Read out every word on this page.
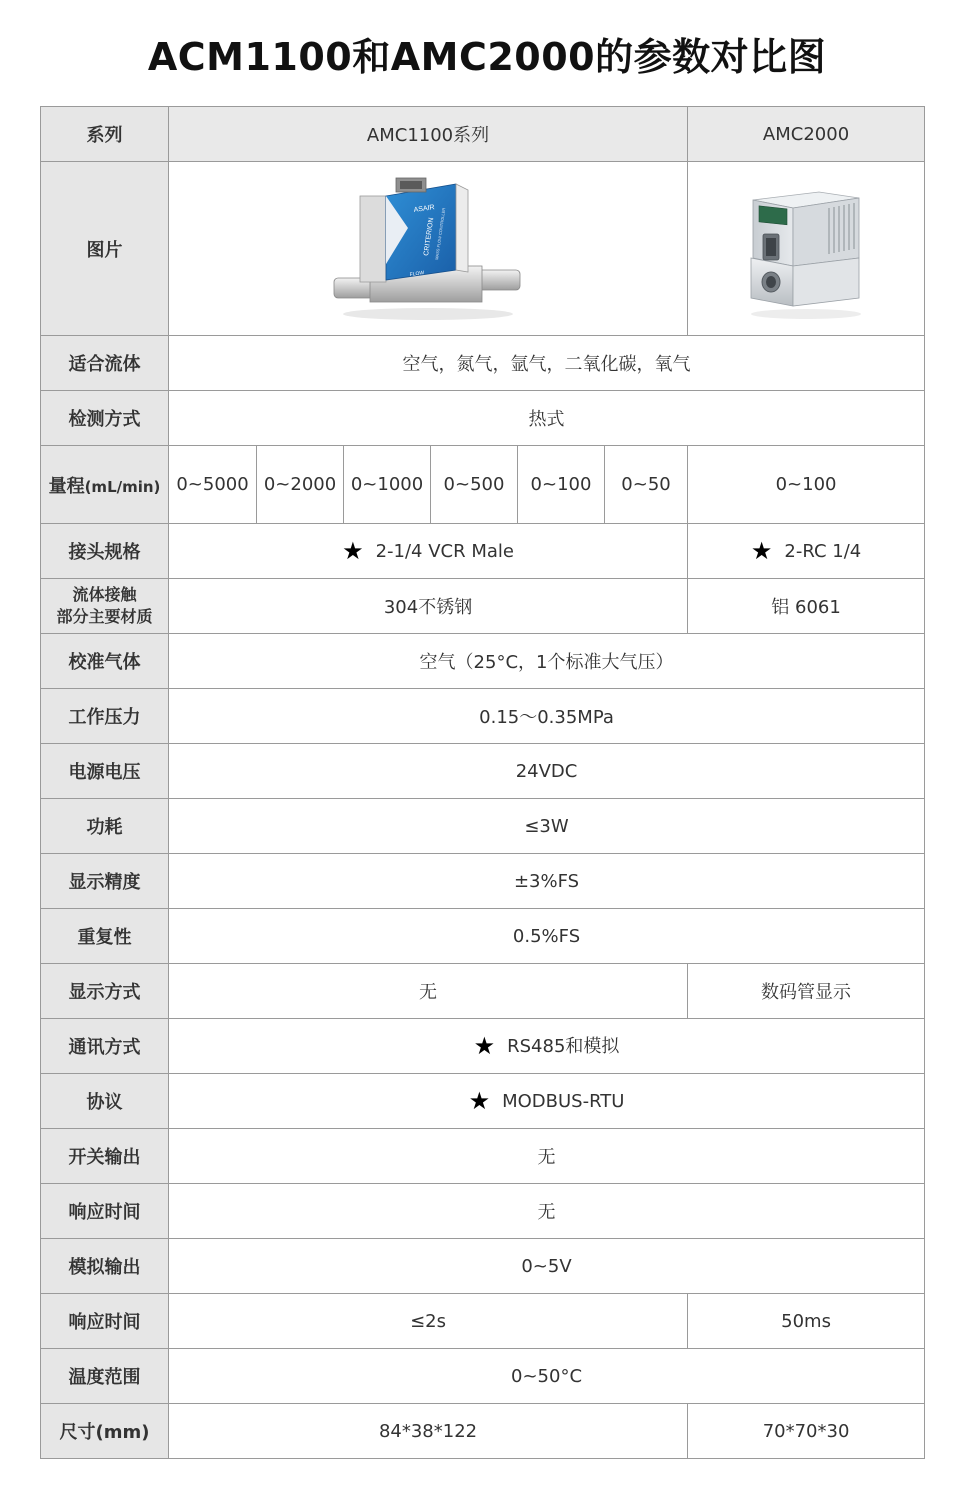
ACM1100和AMC2000的参数对比图
系列	AMC1100系列						AMC2000
图片	ASAIR
CRITERION
MASS FLOW CONTROLLER
FLOW

适合流体	空气，氮气，氩气，二氧化碳，氧气						
检测方式	热式						
量程(mL/min)	0~5000	0~2000	0~1000	0~500	0~100	0~50	0~100
接头规格	★ 2-1/4 VCR Male						★ 2-RC 1/4

流体接触
部分主要材质	304不锈钢						铝 6061
校准气体	空气（25°C，1个标准大气压）						
工作压力	0.15～0.35MPa						
电源电压	24VDC						
功耗	≤3W						
显示精度	±3%FS						
重复性	0.5%FS						
显示方式	无						数码管显示
通讯方式	★ RS485和模拟						
协议	★ MODBUS-RTU						
开关输出	无						
响应时间	无						
模拟输出	0~5V						
响应时间	≤2s						50ms
温度范围	0~50°C						
尺寸(mm)	84*38*122						70*70*30
